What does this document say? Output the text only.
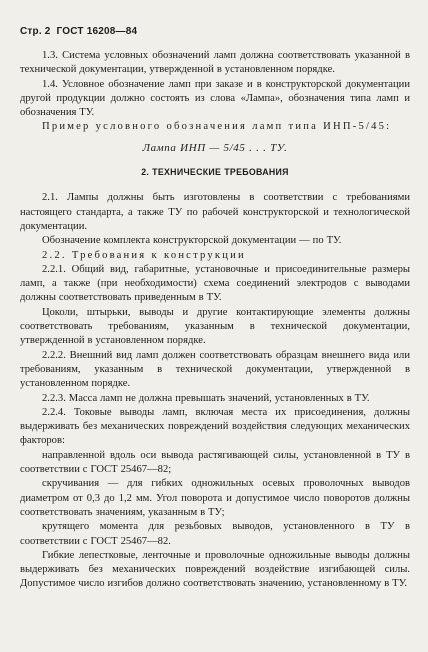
Стр. 2 ГОСТ 16208—84

1.3. Система условных обозначений ламп должна соответствовать указанной в технической документации, утвержденной в установленном порядке.

1.4. Условное обозначение ламп при заказе и в конструкторской документации другой продукции должно состоять из слова «Лампа», обозначения типа ламп и обозначения ТУ.

Пример условного обозначения ламп типа ИНП-5/45:

Лампа ИНП — 5/45 . . . ТУ.
2. ТЕХНИЧЕСКИЕ ТРЕБОВАНИЯ

2.1. Лампы должны быть изготовлены в соответствии с требованиями настоящего стандарта, а также ТУ по рабочей конструкторской и технологической документации.

Обозначение комплекта конструкторской документации — по ТУ.

2.2. Требования к конструкции

2.2.1. Общий вид, габаритные, установочные и присоединительные размеры ламп, а также (при необходимости) схема соединений электродов с выводами должны соответствовать приведенным в ТУ.

Цоколи, штырьки, выводы и другие контактирующие элементы должны соответствовать требованиям, указанным в технической документации, утвержденной в установленном порядке.

2.2.2. Внешний вид ламп должен соответствовать образцам внешнего вида или требованиям, указанным в технической документации, утвержденной в установленном порядке.

2.2.3. Масса ламп не должна превышать значений, установленных в ТУ.

2.2.4. Токовые выводы ламп, включая места их присоединения, должны выдерживать без механических повреждений воздействия следующих механических факторов:

направленной вдоль оси вывода растягивающей силы, установленной в ТУ в соответствии с ГОСТ 25467—82;

скручивания — для гибких одножильных осевых проволочных выводов диаметром от 0,3 до 1,2 мм. Угол поворота и допустимое число поворотов должны соответствовать значениям, указанным в ТУ;

крутящего момента для резьбовых выводов, установленного в ТУ в соответствии с ГОСТ 25467—82.

Гибкие лепестковые, ленточные и проволочные одножильные выводы должны выдерживать без механических повреждений воздействие изгибающей силы. Допустимое число изгибов должно соответствовать значению, установленному в ТУ.
